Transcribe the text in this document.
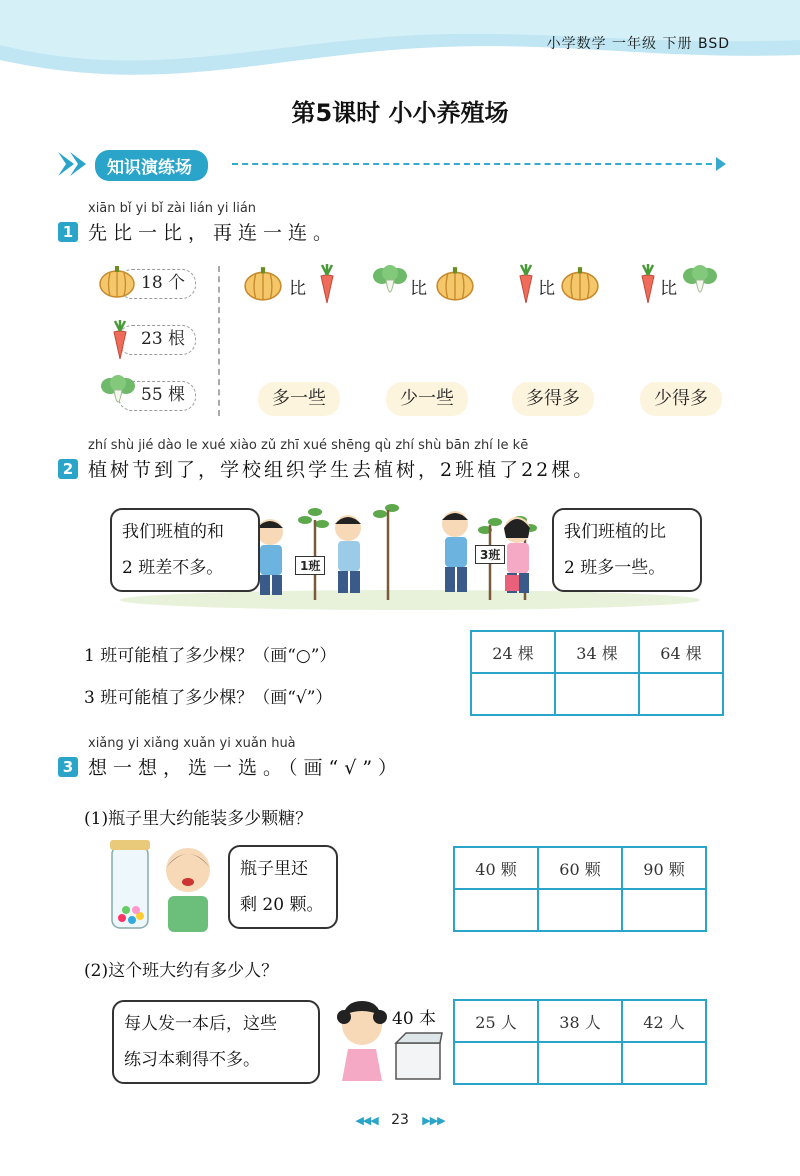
小学数学 一年级 下册 BSD
第5课时 小小养殖场
知识演练场
xiān bǐ yi bǐ zài lián yi lián
1 先比一比，再连一连。
18 个
23 根
55 棵
比	比	比	比
多一些	少一些	多得多	少得多
zhí shù jié dào le xué xiào zǔ zhī xué shēng qù zhí shù bān zhí le kē
2 植树节到了，学校组织学生去植树，2班植了22棵。
我们班植的和
2 班差不多。	1班
3班
我们班植的比
2 班多一些。
1 班可能植了多少棵？（画“○”）
3 班可能植了多少棵？（画“√”）
24 棵	34 棵	64 棵

xiǎng yi xiǎng xuǎn yi xuǎn huà
3 想一想，选一选。（画“√”）
(1)瓶子里大约能装多少颗糖？
瓶子里还
剩 20 颗。
40 颗	60 颗	90 颗

(2)这个班大约有多少人？
每人发一本后，这些
练习本剩得不多。
40 本 25 人	38 人	42 人

◀◀◀ 23 ▶▶▶
